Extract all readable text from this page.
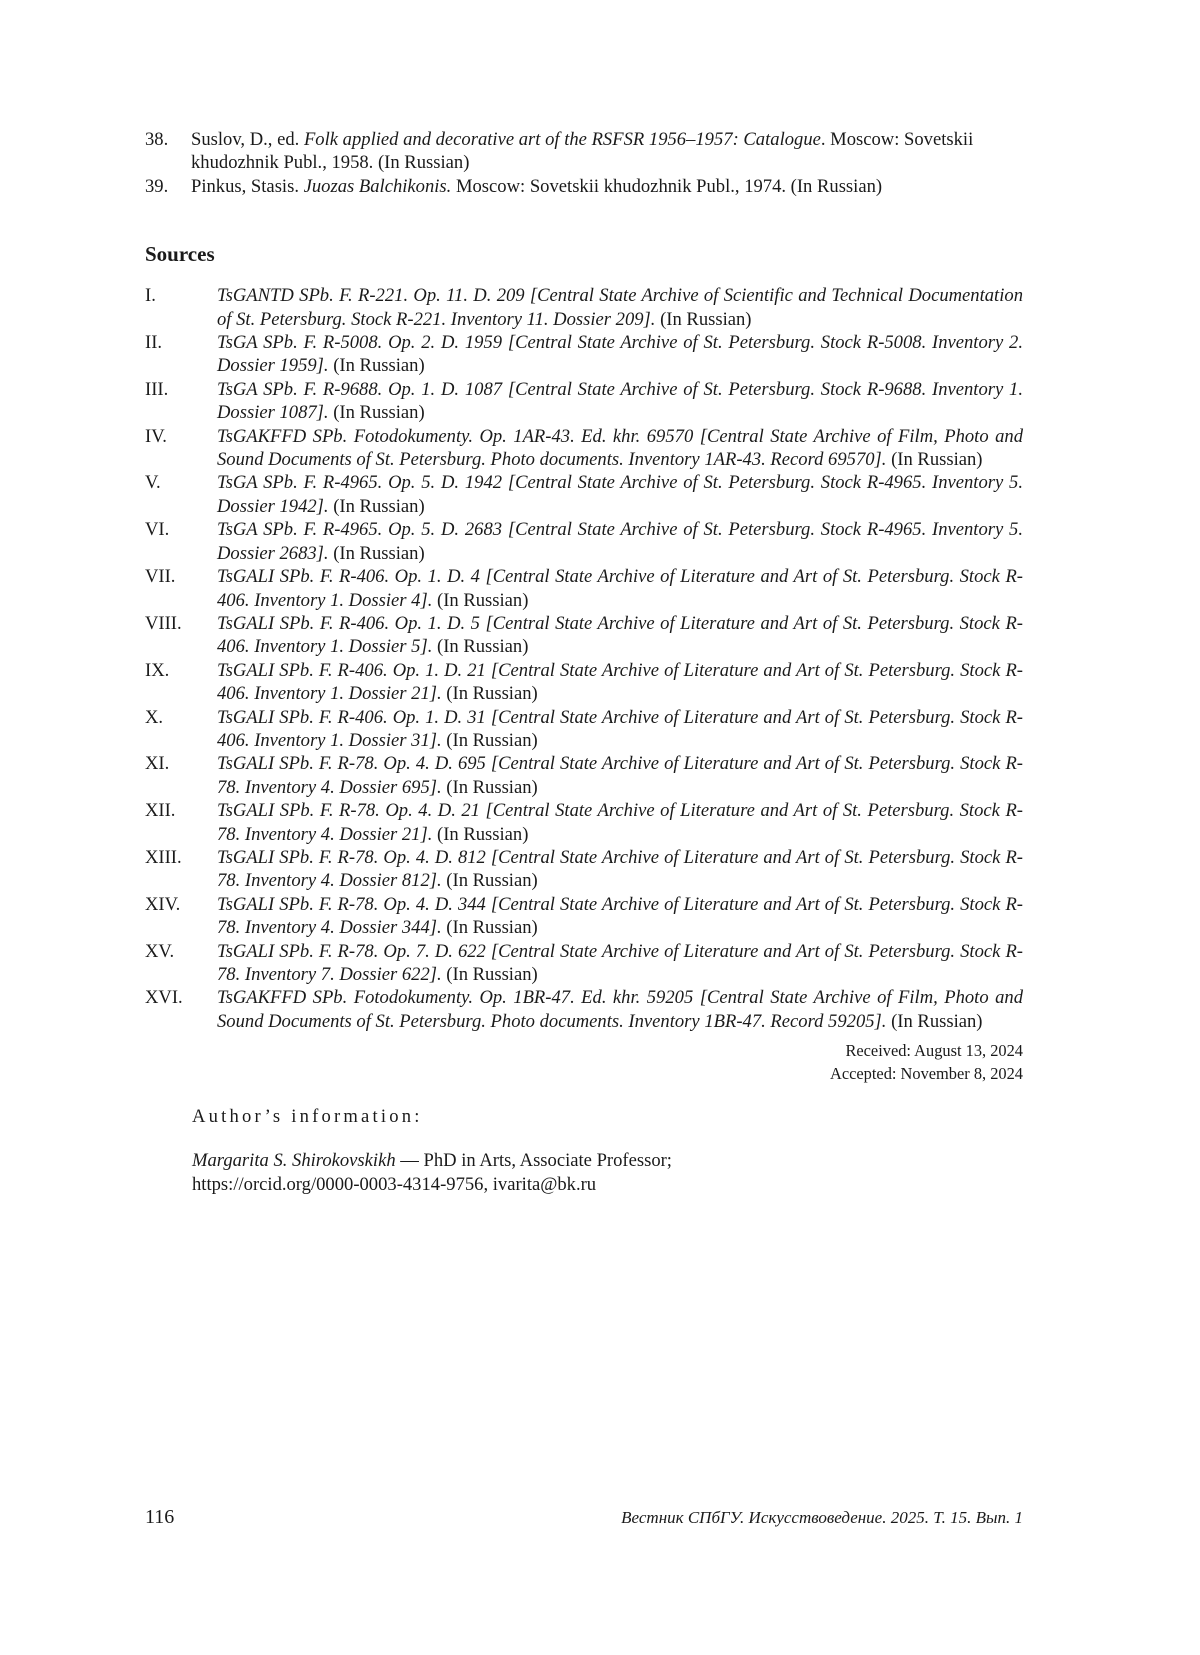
38.	Suslov, D., ed. Folk applied and decorative art of the RSFSR 1956–1957: Catalogue. Moscow: Sovetskii khudozhnik Publ., 1958. (In Russian)
39.	Pinkus, Stasis. Juozas Balchikonis. Moscow: Sovetskii khudozhnik Publ., 1974. (In Russian)
Sources
I.	TsGANTD SPb. F. R-221. Op. 11. D. 209 [Central State Archive of Scientific and Technical Documentation of St. Petersburg. Stock R-221. Inventory 11. Dossier 209]. (In Russian)
II.	TsGA SPb. F. R-5008. Op. 2. D. 1959 [Central State Archive of St. Petersburg. Stock R-5008. Inventory 2. Dossier 1959]. (In Russian)
III.	TsGA SPb. F. R-9688. Op. 1. D. 1087 [Central State Archive of St. Petersburg. Stock R-9688. Inventory 1. Dossier 1087]. (In Russian)
IV.	TsGAKFFD SPb. Fotodokumenty. Op. 1AR-43. Ed. khr. 69570 [Central State Archive of Film, Photo and Sound Documents of St. Petersburg. Photo documents. Inventory 1AR-43. Record 69570]. (In Russian)
V.	TsGA SPb. F. R-4965. Op. 5. D. 1942 [Central State Archive of St. Petersburg. Stock R-4965. Inventory 5. Dossier 1942]. (In Russian)
VI.	TsGA SPb. F. R-4965. Op. 5. D. 2683 [Central State Archive of St. Petersburg. Stock R-4965. Inventory 5. Dossier 2683]. (In Russian)
VII.	TsGALI SPb. F. R-406. Op. 1. D. 4 [Central State Archive of Literature and Art of St. Petersburg. Stock R-406. Inventory 1. Dossier 4]. (In Russian)
VIII.	TsGALI SPb. F. R-406. Op. 1. D. 5 [Central State Archive of Literature and Art of St. Petersburg. Stock R-406. Inventory 1. Dossier 5]. (In Russian)
IX.	TsGALI SPb. F. R-406. Op. 1. D. 21 [Central State Archive of Literature and Art of St. Petersburg. Stock R-406. Inventory 1. Dossier 21]. (In Russian)
X.	TsGALI SPb. F. R-406. Op. 1. D. 31 [Central State Archive of Literature and Art of St. Petersburg. Stock R-406. Inventory 1. Dossier 31]. (In Russian)
XI.	TsGALI SPb. F. R-78. Op. 4. D. 695 [Central State Archive of Literature and Art of St. Petersburg. Stock R-78. Inventory 4. Dossier 695]. (In Russian)
XII.	TsGALI SPb. F. R-78. Op. 4. D. 21 [Central State Archive of Literature and Art of St. Petersburg. Stock R-78. Inventory 4. Dossier 21]. (In Russian)
XIII.	TsGALI SPb. F. R-78. Op. 4. D. 812 [Central State Archive of Literature and Art of St. Petersburg. Stock R-78. Inventory 4. Dossier 812]. (In Russian)
XIV.	TsGALI SPb. F. R-78. Op. 4. D. 344 [Central State Archive of Literature and Art of St. Petersburg. Stock R-78. Inventory 4. Dossier 344]. (In Russian)
XV.	TsGALI SPb. F. R-78. Op. 7. D. 622 [Central State Archive of Literature and Art of St. Petersburg. Stock R-78. Inventory 7. Dossier 622]. (In Russian)
XVI.	TsGAKFFD SPb. Fotodokumenty. Op. 1BR-47. Ed. khr. 59205 [Central State Archive of Film, Photo and Sound Documents of St. Petersburg. Photo documents. Inventory 1BR-47. Record 59205]. (In Russian)
Received: August 13, 2024
Accepted: November 8, 2024
Author’s information:
Margarita S. Shirokovskikh — PhD in Arts, Associate Professor;
https://orcid.org/0000-0003-4314-9756, ivarita@bk.ru
116	Вестник СПбГУ. Искусствоведение. 2025. Т. 15. Вып. 1
